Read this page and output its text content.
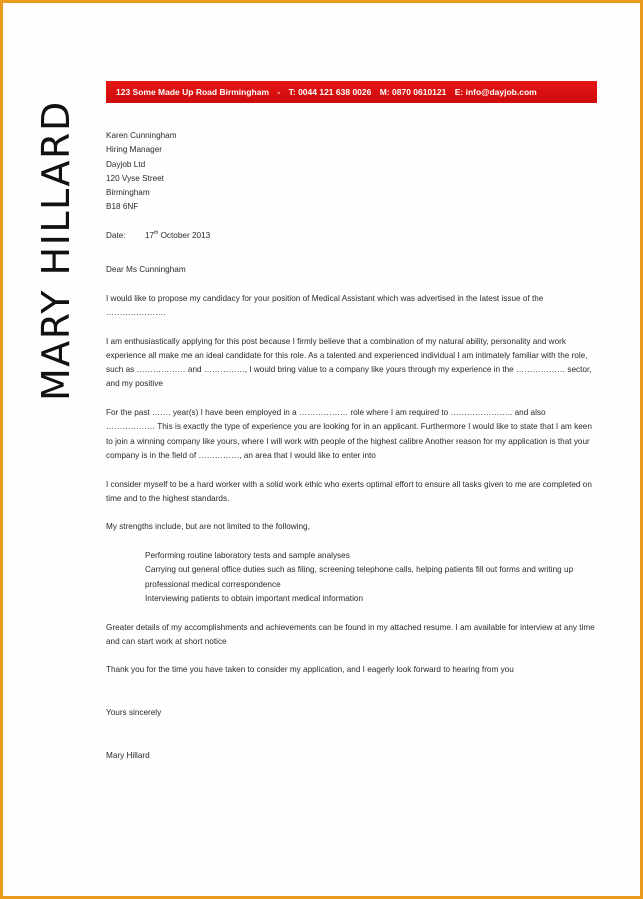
MARY HILLARD
123 Some Made Up Road Birmingham - T: 0044 121 638 0026 M: 0870 0610121 E: info@dayjob.com
Karen Cunningham
Hiring Manager
Dayjob Ltd
120 Vyse Street
Birmingham
B18 6NF
Date: 17th October 2013

Dear Ms Cunningham

I would like to propose my candidacy for your position of Medical Assistant which was advertised in the latest issue of the ………………….

I am enthusiastically applying for this post because I firmly believe that a combination of my natural ability, personality and work experience all make me an ideal candidate for this role. As a talented and experienced individual I am intimately familiar with the role, such as ……………… and ……………, I would bring value to a company like yours through my experience in the ……………… sector, and my positive

For the past ……. year(s) I have been employed in a ……………… role where I am required to ………………….. and also ……………… This is exactly the type of experience you are looking for in an applicant. Furthermore I would like to state that I am keen to join a winning company like yours, where I will work with people of the highest calibre Another reason for my application is that your company is in the field of ……………, an area that I would like to enter into

I consider myself to be a hard worker with a solid work ethic who exerts optimal effort to ensure all tasks given to me are completed on time and to the highest standards.

My strengths include, but are not limited to the following,

Performing routine laboratory tests and sample analyses
Carrying out general office duties such as filing, screening telephone calls, helping patients fill out forms and writing up professional medical correspondence
Interviewing patients to obtain important medical information

Greater details of my accomplishments and achievements can be found in my attached resume. I am available for interview at any time and can start work at short notice

Thank you for the time you have taken to consider my application, and I eagerly look forward to hearing from you

Yours sincerely

Mary Hillard
